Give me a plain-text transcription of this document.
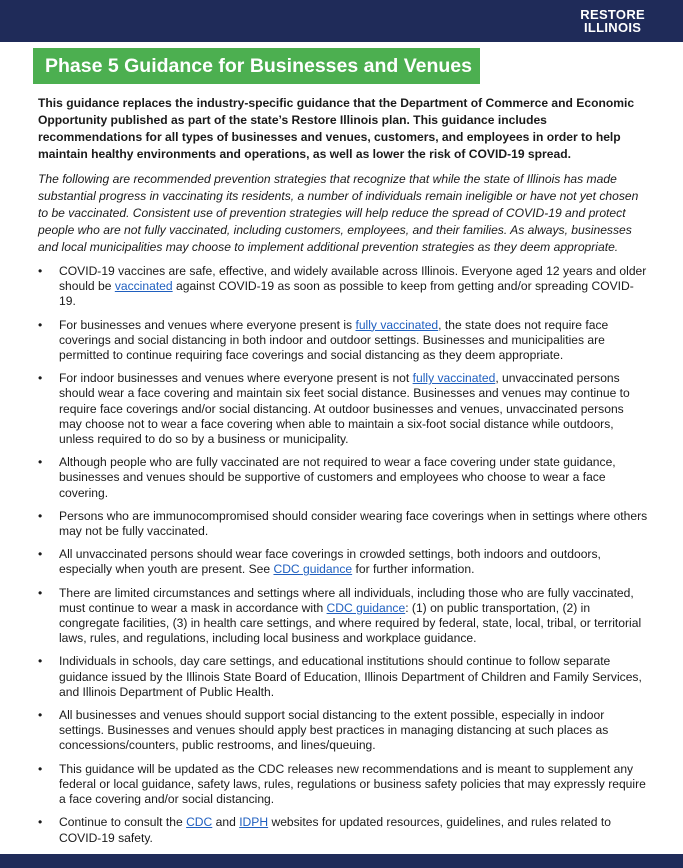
RESTORE
ILLINOIS
Phase 5 Guidance for Businesses and Venues

This guidance replaces the industry-specific guidance that the Department of Commerce and Economic Opportunity published as part of the state’s Restore Illinois plan. This guidance includes recommendations for all types of businesses and venues, customers, and employees in order to help maintain healthy environments and operations, as well as lower the risk of COVID-19 spread.

The following are recommended prevention strategies that recognize that while the state of Illinois has made substantial progress in vaccinating its residents, a number of individuals remain ineligible or have not yet chosen to be vaccinated. Consistent use of prevention strategies will help reduce the spread of COVID-19 and protect people who are not fully vaccinated, including customers, employees, and their families. As always, businesses and local municipalities may choose to implement additional prevention strategies as they deem appropriate.

• COVID-19 vaccines are safe, effective, and widely available across Illinois. Everyone aged 12 years and older should be vaccinated against COVID-19 as soon as possible to keep from getting and/or spreading COVID-19.
• For businesses and venues where everyone present is fully vaccinated, the state does not require face coverings and social distancing in both indoor and outdoor settings. Businesses and municipalities are permitted to continue requiring face coverings and social distancing as they deem appropriate.
• For indoor businesses and venues where everyone present is not fully vaccinated, unvaccinated persons should wear a face covering and maintain six feet social distance. Businesses and venues may continue to require face coverings and/or social distancing. At outdoor businesses and venues, unvaccinated persons may choose not to wear a face covering when able to maintain a six-foot social distance while outdoors, unless required to do so by a business or municipality.
• Although people who are fully vaccinated are not required to wear a face covering under state guidance, businesses and venues should be supportive of customers and employees who choose to wear a face covering.
• Persons who are immunocompromised should consider wearing face coverings when in settings where others may not be fully vaccinated.
• All unvaccinated persons should wear face coverings in crowded settings, both indoors and outdoors, especially when youth are present. See CDC guidance for further information.
• There are limited circumstances and settings where all individuals, including those who are fully vaccinated, must continue to wear a mask in accordance with CDC guidance: (1) on public transportation, (2) in congregate facilities, (3) in health care settings, and where required by federal, state, local, tribal, or territorial laws, rules, and regulations, including local business and workplace guidance.
• Individuals in schools, day care settings, and educational institutions should continue to follow separate guidance issued by the Illinois State Board of Education, Illinois Department of Children and Family Services, and Illinois Department of Public Health.
• All businesses and venues should support social distancing to the extent possible, especially in indoor settings. Businesses and venues should apply best practices in managing distancing at such places as concessions/counters, public restrooms, and lines/queuing.
• This guidance will be updated as the CDC releases new recommendations and is meant to supplement any federal or local guidance, safety laws, rules, regulations or business safety policies that may expressly require a face covering and/or social distancing.
• Continue to consult the CDC and IDPH websites for updated resources, guidelines, and rules related to COVID-19 safety.
